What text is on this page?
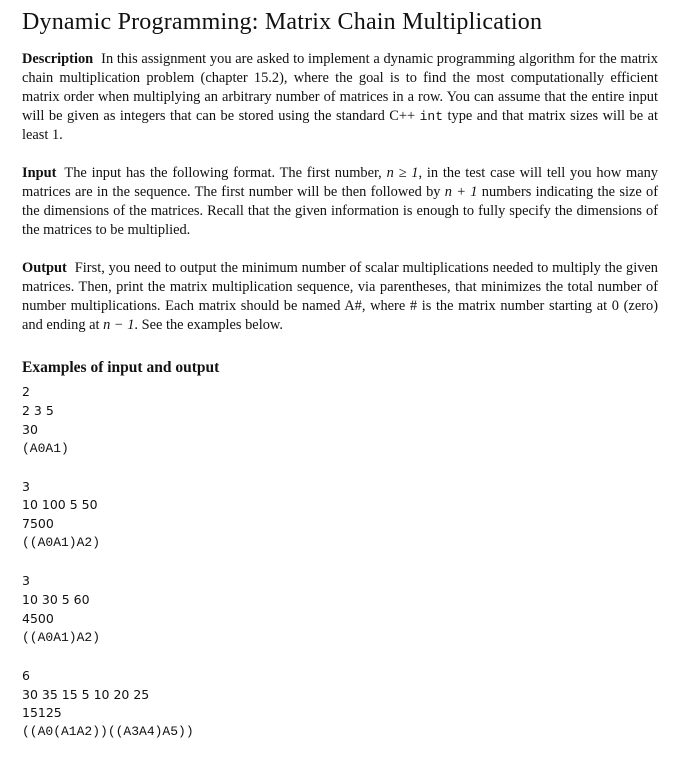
Dynamic Programming: Matrix Chain Multiplication

Description In this assignment you are asked to implement a dynamic programming algorithm for the matrix chain multiplication problem (chapter 15.2), where the goal is to find the most computationally efficient matrix order when multiplying an arbitrary number of matrices in a row. You can assume that the entire input will be given as integers that can be stored using the standard C++ int type and that matrix sizes will be at least 1.

Input The input has the following format. The first number, n ≥ 1, in the test case will tell you how many matrices are in the sequence. The first number will be then followed by n + 1 numbers indicating the size of the dimensions of the matrices. Recall that the given information is enough to fully specify the dimensions of the matrices to be multiplied.

Output First, you need to output the minimum number of scalar multiplications needed to multiply the given matrices. Then, print the matrix multiplication sequence, via parentheses, that minimizes the total number of number multiplications. Each matrix should be named A#, where # is the matrix number starting at 0 (zero) and ending at n − 1. See the examples below.

Examples of input and output
2
2 3 5
30
(A0A1)
3
10 100 5 50
7500
((A0A1)A2)
3
10 30 5 60
4500
((A0A1)A2)
6
30 35 15 5 10 20 25
15125
((A0(A1A2))((A3A4)A5))
